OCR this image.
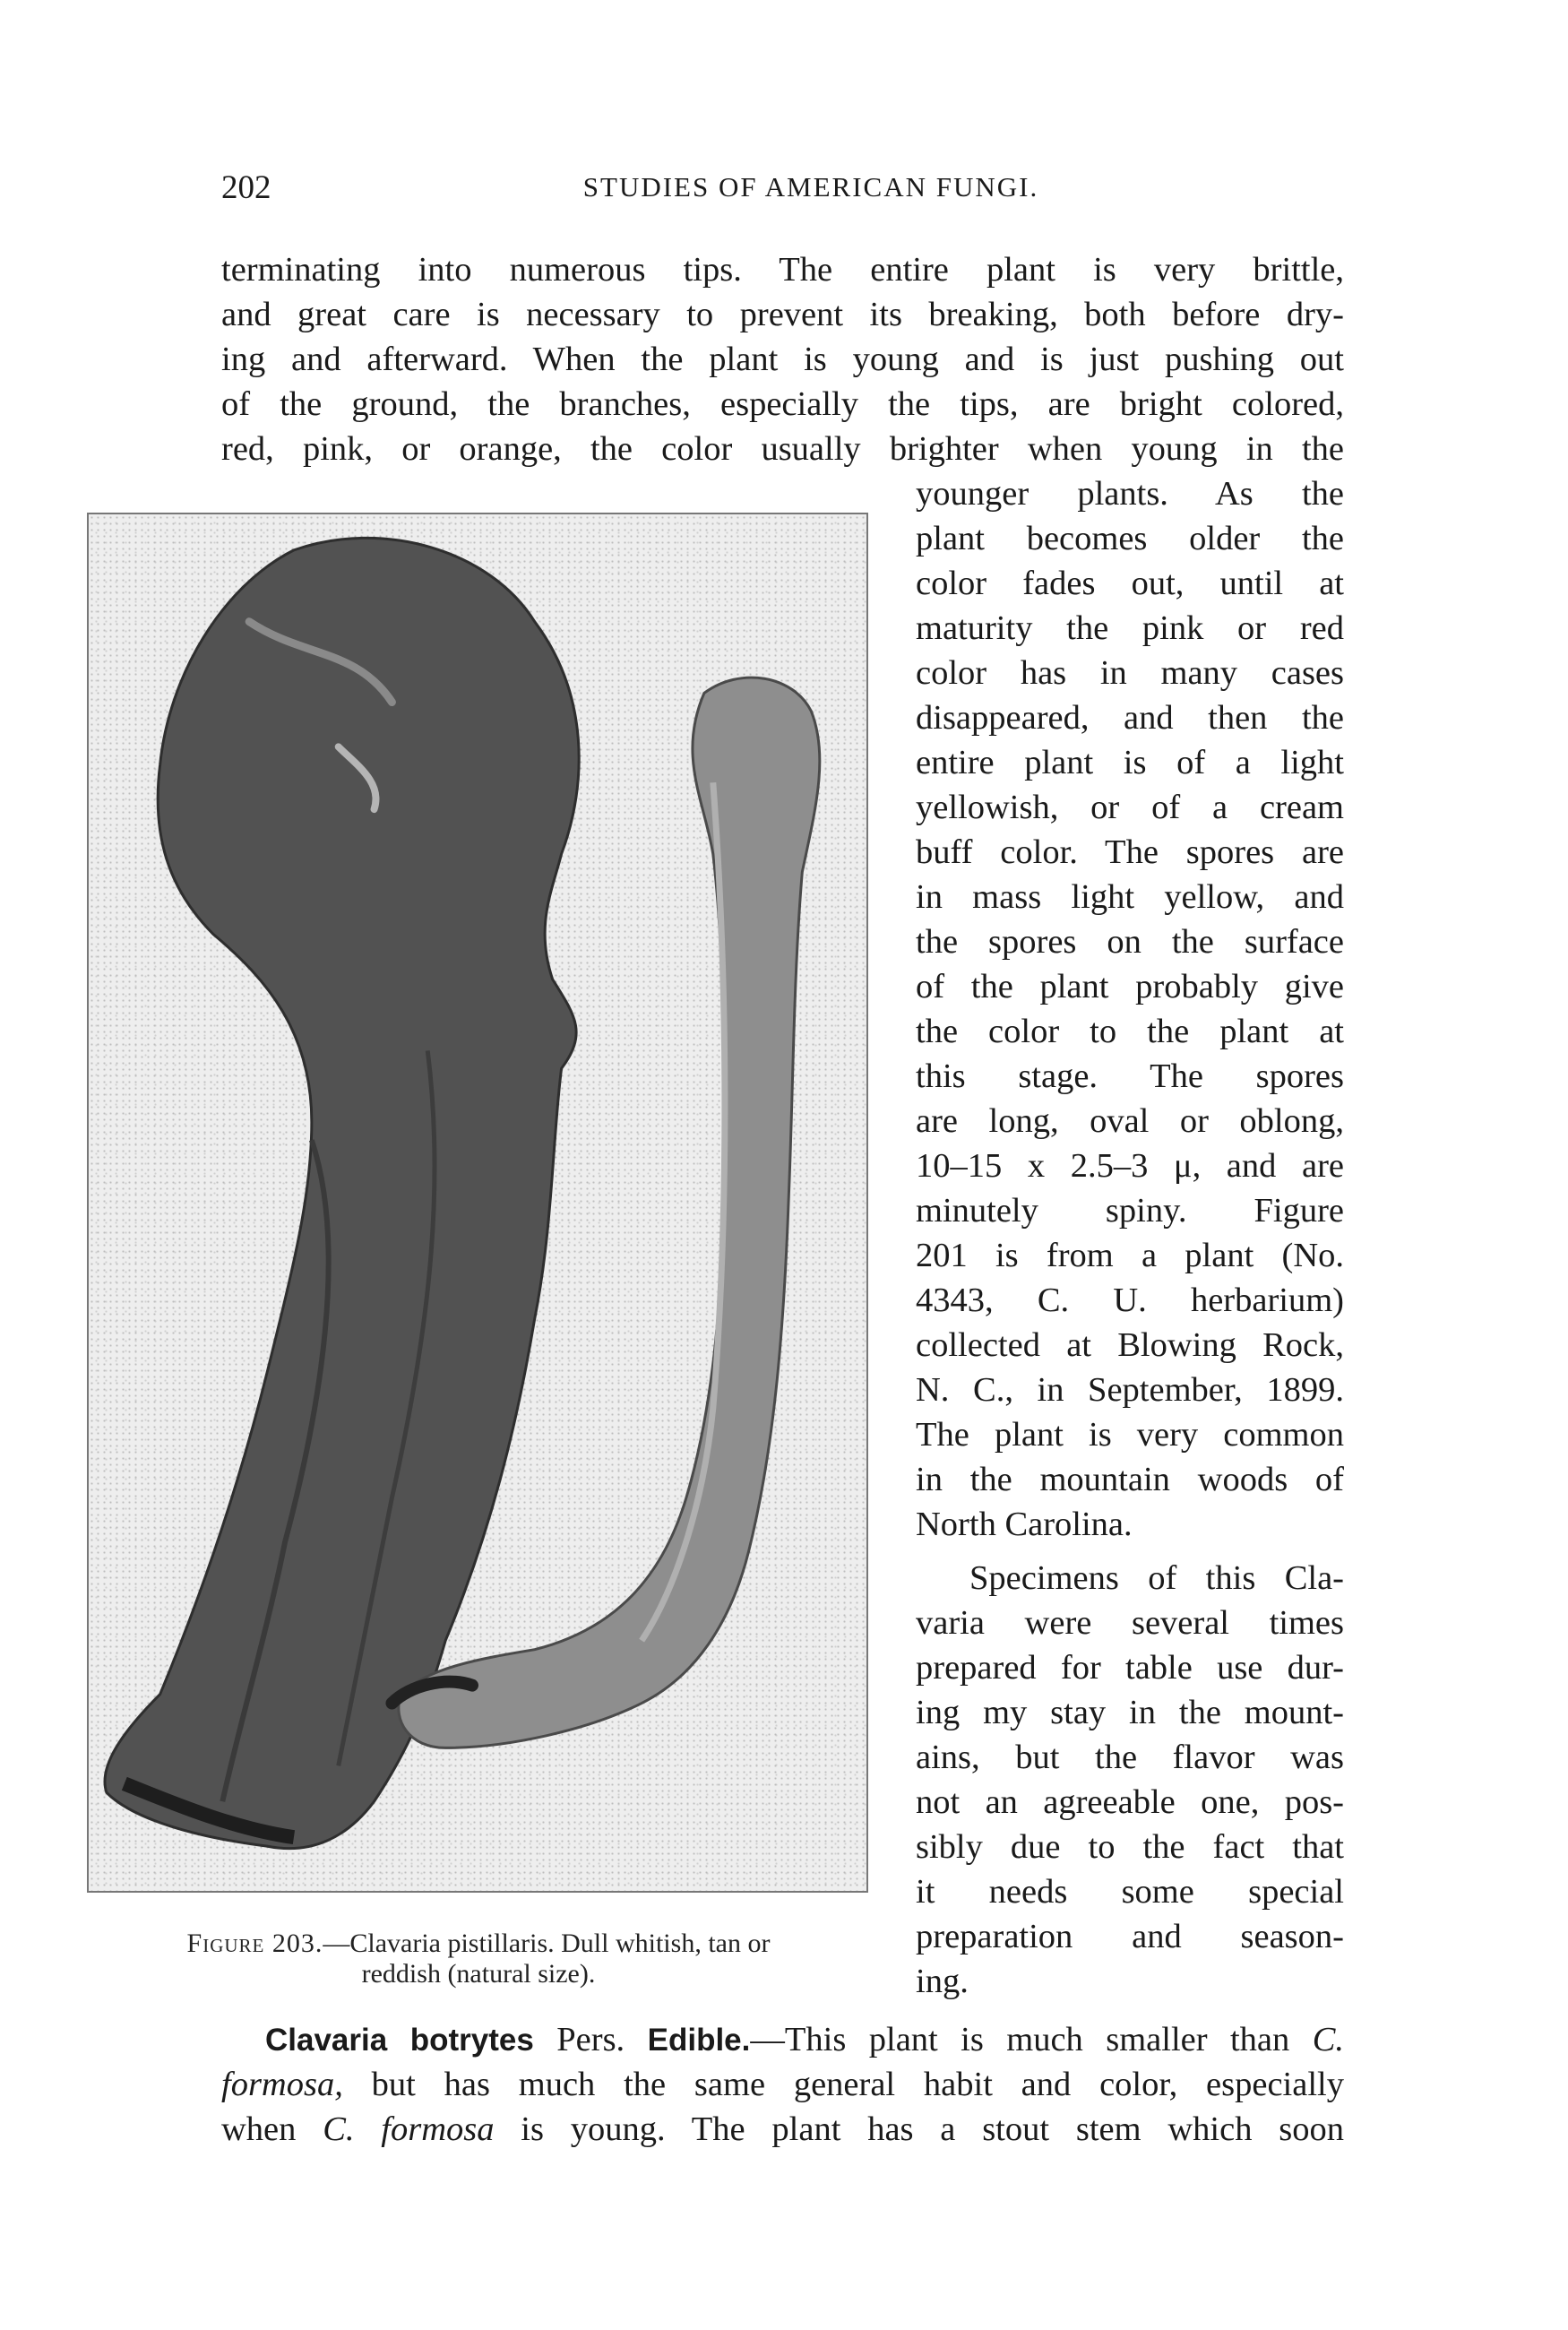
202	STUDIES OF AMERICAN FUNGI.
terminating into numerous tips. The entire plant is very brittle,
and great care is necessary to prevent its breaking, both before dry-
ing and afterward. When the plant is young and is just pushing out
of the ground, the branches, especially the tips, are bright colored,
red, pink, or orange, the color usually brighter when young in the
younger plants. As the
plant becomes older the
color fades out, until at
maturity the pink or red
color has in many cases
disappeared, and then the
entire plant is of a light
yellowish, or of a cream
buff color. The spores are
in mass light yellow, and
the spores on the surface
of the plant probably give
the color to the plant at
this stage. The spores
are long, oval or oblong,
10–15 x 2.5–3 μ, and are
minutely spiny. Figure
201 is from a plant (No.
4343, C. U. herbarium)
collected at Blowing Rock,
N. C., in September, 1899.
The plant is very common
in the mountain woods of
North Carolina.
Specimens of this Cla-
varia were several times
prepared for table use dur-
ing my stay in the mount-
ains, but the flavor was
not an agreeable one, pos-
sibly due to the fact that
it needs some special
preparation and season-
ing.
Figure 203.—Clavaria pistillaris. Dull whitish, tan or
reddish (natural size).
Clavaria botrytes Pers. Edible.—This plant is much smaller than C.
formosa, but has much the same general habit and color, especially
when C. formosa is young. The plant has a stout stem which soon
